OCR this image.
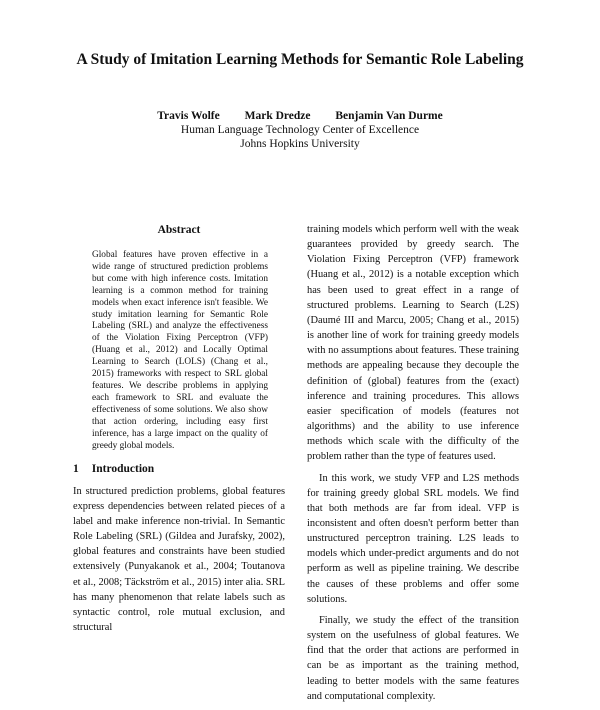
A Study of Imitation Learning Methods for Semantic Role Labeling
Travis Wolfe Mark Dredze Benjamin Van Durme
Human Language Technology Center of Excellence
Johns Hopkins University
Abstract
Global features have proven effective in a wide range of structured prediction problems but come with high inference costs. Imitation learning is a common method for training models when exact inference isn't feasible. We study imitation learning for Semantic Role Labeling (SRL) and analyze the effectiveness of the Violation Fixing Perceptron (VFP) (Huang et al., 2012) and Locally Optimal Learning to Search (LOLS) (Chang et al., 2015) frameworks with respect to SRL global features. We describe problems in applying each framework to SRL and evaluate the effectiveness of some solutions. We also show that action ordering, including easy first inference, has a large impact on the quality of greedy global models.
1 Introduction

In structured prediction problems, global features express dependencies between related pieces of a label and make inference non-trivial. In Semantic Role Labeling (SRL) (Gildea and Jurafsky, 2002), global features and constraints have been studied extensively (Punyakanok et al., 2004; Toutanova et al., 2008; Täckström et al., 2015) inter alia. SRL has many phenomenon that relate labels such as syntactic control, role mutual exclusion, and structural

training models which perform well with the weak guarantees provided by greedy search. The Violation Fixing Perceptron (VFP) framework (Huang et al., 2012) is a notable exception which has been used to great effect in a range of structured problems. Learning to Search (L2S) (Daumé III and Marcu, 2005; Chang et al., 2015) is another line of work for training greedy models with no assumptions about features. These training methods are appealing because they decouple the definition of (global) features from the (exact) inference and training procedures. This allows easier specification of models (features not algorithms) and the ability to use inference methods which scale with the difficulty of the problem rather than the type of features used.

In this work, we study VFP and L2S methods for training greedy global SRL models. We find that both methods are far from ideal. VFP is inconsistent and often doesn't perform better than unstructured perceptron training. L2S leads to models which under-predict arguments and do not perform as well as pipeline training. We describe the causes of these problems and offer some solutions.

Finally, we study the effect of the transition system on the usefulness of global features. We find that the order that actions are performed in can be as important as the training method, leading to better models with the same features and computational complexity.
